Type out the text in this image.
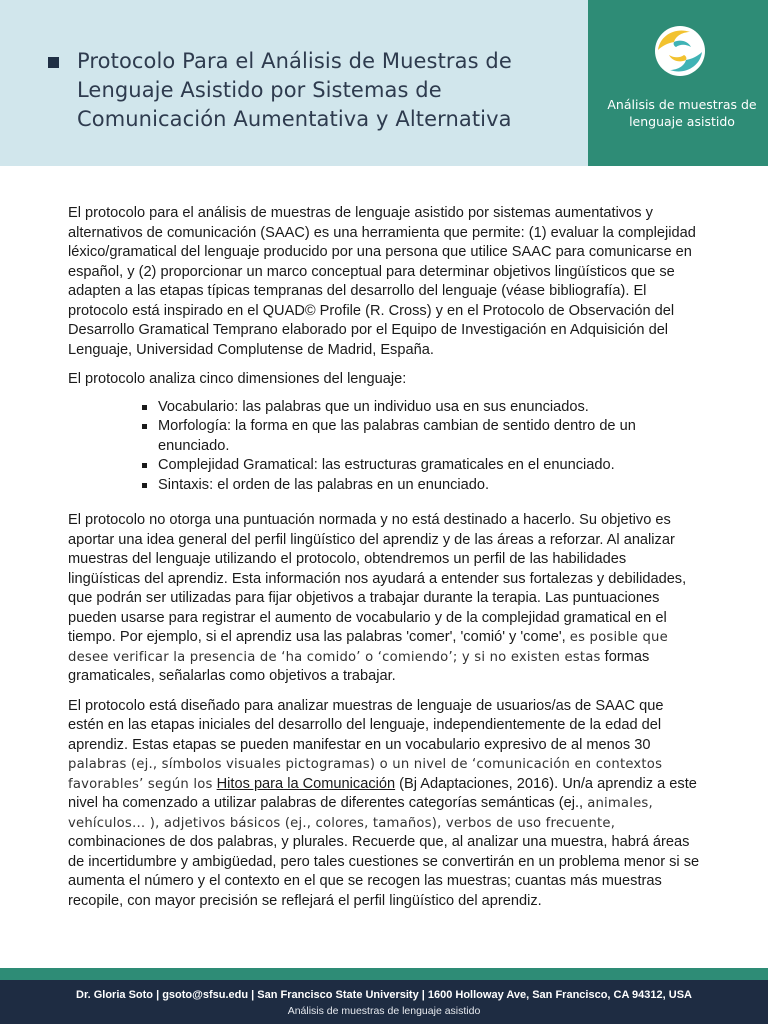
Protocolo Para el Análisis de Muestras de Lenguaje Asistido por Sistemas de Comunicación Aumentativa y Alternativa
Análisis de muestras de lenguaje asistido

El protocolo para el análisis de muestras de lenguaje asistido por sistemas aumentativos y alternativos de comunicación (SAAC) es una herramienta que permite: (1) evaluar la complejidad léxico/gramatical del lenguaje producido por una persona que utilice SAAC para comunicarse en español, y (2) proporcionar un marco conceptual para determinar objetivos lingüísticos que se adapten a las etapas típicas tempranas del desarrollo del lenguaje (véase bibliografía). El protocolo está inspirado en el QUAD© Profile (R. Cross) y en el Protocolo de Observación del Desarrollo Gramatical Temprano elaborado por el Equipo de Investigación en Adquisición del Lenguaje, Universidad Complutense de Madrid, España.

El protocolo analiza cinco dimensiones del lenguaje:

Vocabulario: las palabras que un individuo usa en sus enunciados.
Morfología: la forma en que las palabras cambian de sentido dentro de un enunciado.
Complejidad Gramatical: las estructuras gramaticales en el enunciado.
Sintaxis: el orden de las palabras en un enunciado.

El protocolo no otorga una puntuación normada y no está destinado a hacerlo. Su objetivo es aportar una idea general del perfil lingüístico del aprendiz y de las áreas a reforzar. Al analizar muestras del lenguaje utilizando el protocolo, obtendremos un perfil de las habilidades lingüísticas del aprendiz. Esta información nos ayudará a entender sus fortalezas y debilidades, que podrán ser utilizadas para fijar objetivos a trabajar durante la terapia. Las puntuaciones pueden usarse para registrar el aumento de vocabulario y de la complejidad gramatical en el tiempo. Por ejemplo, si el aprendiz usa las palabras 'comer', 'comió' y 'come', es posible que desee verificar la presencia de ‘ha comido’ o ‘comiendo’; y si no existen estas formas gramaticales, señalarlas como objetivos a trabajar.

El protocolo está diseñado para analizar muestras de lenguaje de usuarios/as de SAAC que estén en las etapas iniciales del desarrollo del lenguaje, independientemente de la edad del aprendiz. Estas etapas se pueden manifestar en un vocabulario expresivo de al menos 30 palabras (ej., símbolos visuales pictogramas) o un nivel de ‘comunicación en contextos favorables’ según los Hitos para la Comunicación (Bj Adaptaciones, 2016). Un/a aprendiz a este nivel ha comenzado a utilizar palabras de diferentes categorías semánticas (ej., animales, vehículos… ), adjetivos básicos (ej., colores, tamaños), verbos de uso frecuente, combinaciones de dos palabras, y plurales. Recuerde que, al analizar una muestra, habrá áreas de incertidumbre y ambigüedad, pero tales cuestiones se convertirán en un problema menor si se aumenta el número y el contexto en el que se recogen las muestras; cuantas más muestras recopile, con mayor precisión se reflejará el perfil lingüístico del aprendiz.

Dr. Gloria Soto | gsoto@sfsu.edu | San Francisco State University | 1600 Holloway Ave, San Francisco, CA 94312, USA
Análisis de muestras de lenguaje asistido
